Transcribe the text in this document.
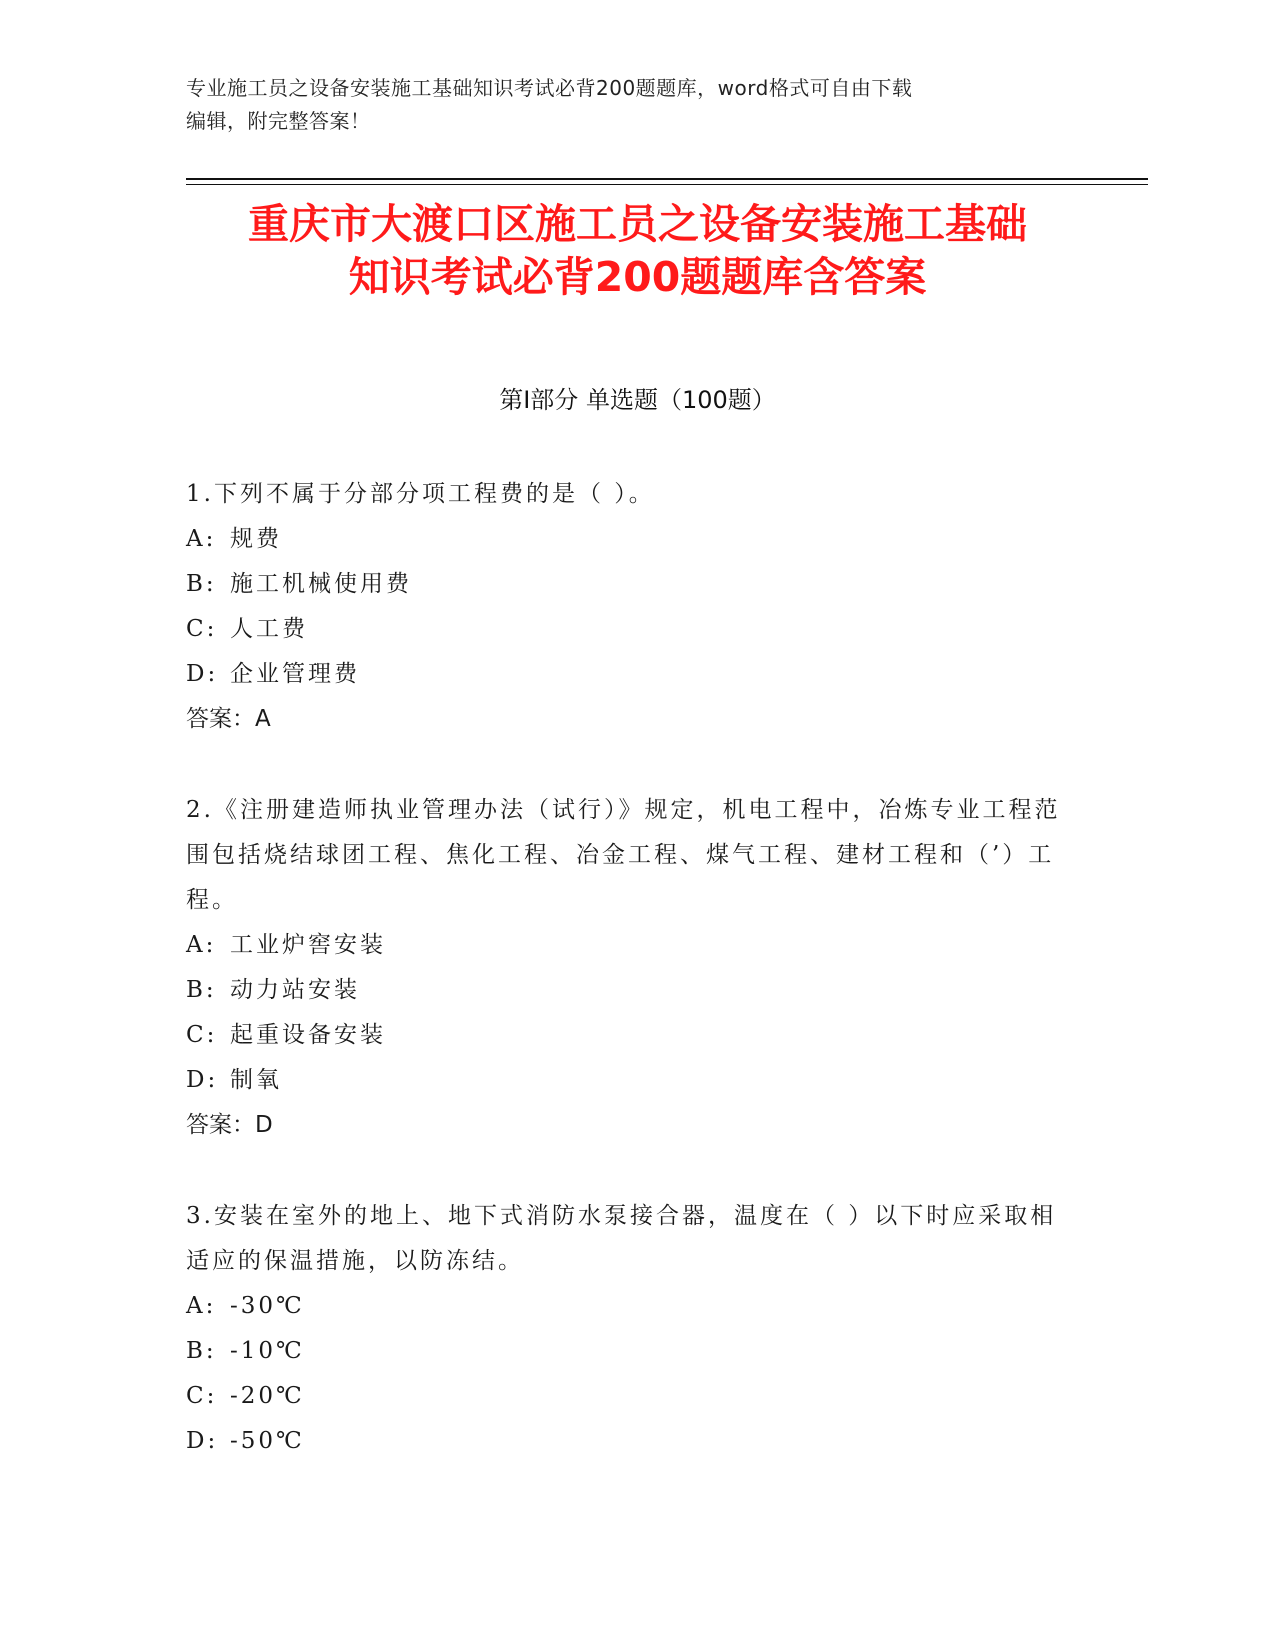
专业施工员之设备安装施工基础知识考试必背200题题库，word格式可自由下载
编辑，附完整答案！
重庆市大渡口区施工员之设备安装施工基础
知识考试必背200题题库含答案
第I部分 单选题（100题）

1.下列不属于分部分项工程费的是（ ）。

A: 规费

B: 施工机械使用费

C: 人工费

D: 企业管理费

答案：A

2.《注册建造师执业管理办法（试行）》规定，机电工程中，冶炼专业工程范围包括烧结球团工程、焦化工程、冶金工程、煤气工程、建材工程和（’）工程。

A: 工业炉窖安装

B: 动力站安装

C: 起重设备安装

D: 制氧

答案：D

3.安装在室外的地上、地下式消防水泵接合器，温度在（ ）以下时应采取相适应的保温措施，以防冻结。

A: -30℃

B: -10℃

C: -20℃

D: -50℃
